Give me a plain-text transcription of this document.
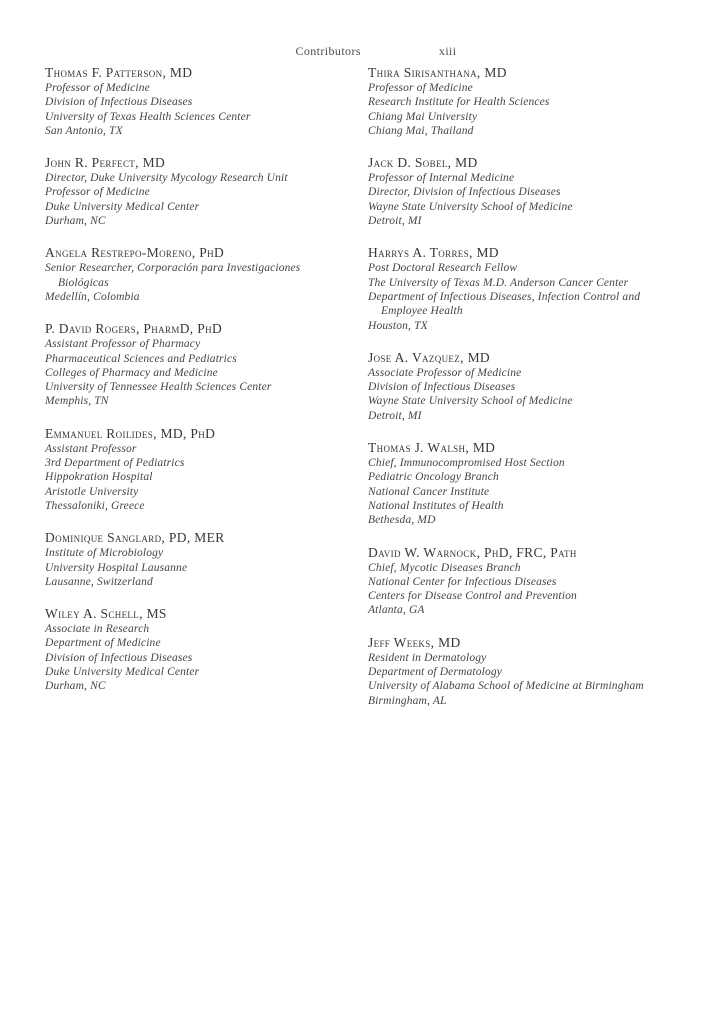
Contributors	xiii
Thomas F. Patterson, MD
Professor of Medicine
Division of Infectious Diseases
University of Texas Health Sciences Center
San Antonio, TX
John R. Perfect, MD
Director, Duke University Mycology Research Unit
Professor of Medicine
Duke University Medical Center
Durham, NC
Angela Restrepo-Moreno, PhD
Senior Researcher, Corporación para Investigaciones
Biológicas
Medellín, Colombia
P. David Rogers, PharmD, PhD
Assistant Professor of Pharmacy
Pharmaceutical Sciences and Pediatrics
Colleges of Pharmacy and Medicine
University of Tennessee Health Sciences Center
Memphis, TN
Emmanuel Roilides, MD, PhD
Assistant Professor
3rd Department of Pediatrics
Hippokration Hospital
Aristotle University
Thessaloniki, Greece
Dominique Sanglard, PD, MER
Institute of Microbiology
University Hospital Lausanne
Lausanne, Switzerland
Wiley A. Schell, MS
Associate in Research
Department of Medicine
Division of Infectious Diseases
Duke University Medical Center
Durham, NC
Thira Sirisanthana, MD
Professor of Medicine
Research Institute for Health Sciences
Chiang Mai University
Chiang Mai, Thailand
Jack D. Sobel, MD
Professor of Internal Medicine
Director, Division of Infectious Diseases
Wayne State University School of Medicine
Detroit, MI
Harrys A. Torres, MD
Post Doctoral Research Fellow
The University of Texas M.D. Anderson Cancer Center
Department of Infectious Diseases, Infection Control and
Employee Health
Houston, TX
Jose A. Vazquez, MD
Associate Professor of Medicine
Division of Infectious Diseases
Wayne State University School of Medicine
Detroit, MI
Thomas J. Walsh, MD
Chief, Immunocompromised Host Section
Pediatric Oncology Branch
National Cancer Institute
National Institutes of Health
Bethesda, MD
David W. Warnock, PhD, FRC, Path
Chief, Mycotic Diseases Branch
National Center for Infectious Diseases
Centers for Disease Control and Prevention
Atlanta, GA
Jeff Weeks, MD
Resident in Dermatology
Department of Dermatology
University of Alabama School of Medicine at Birmingham
Birmingham, AL
